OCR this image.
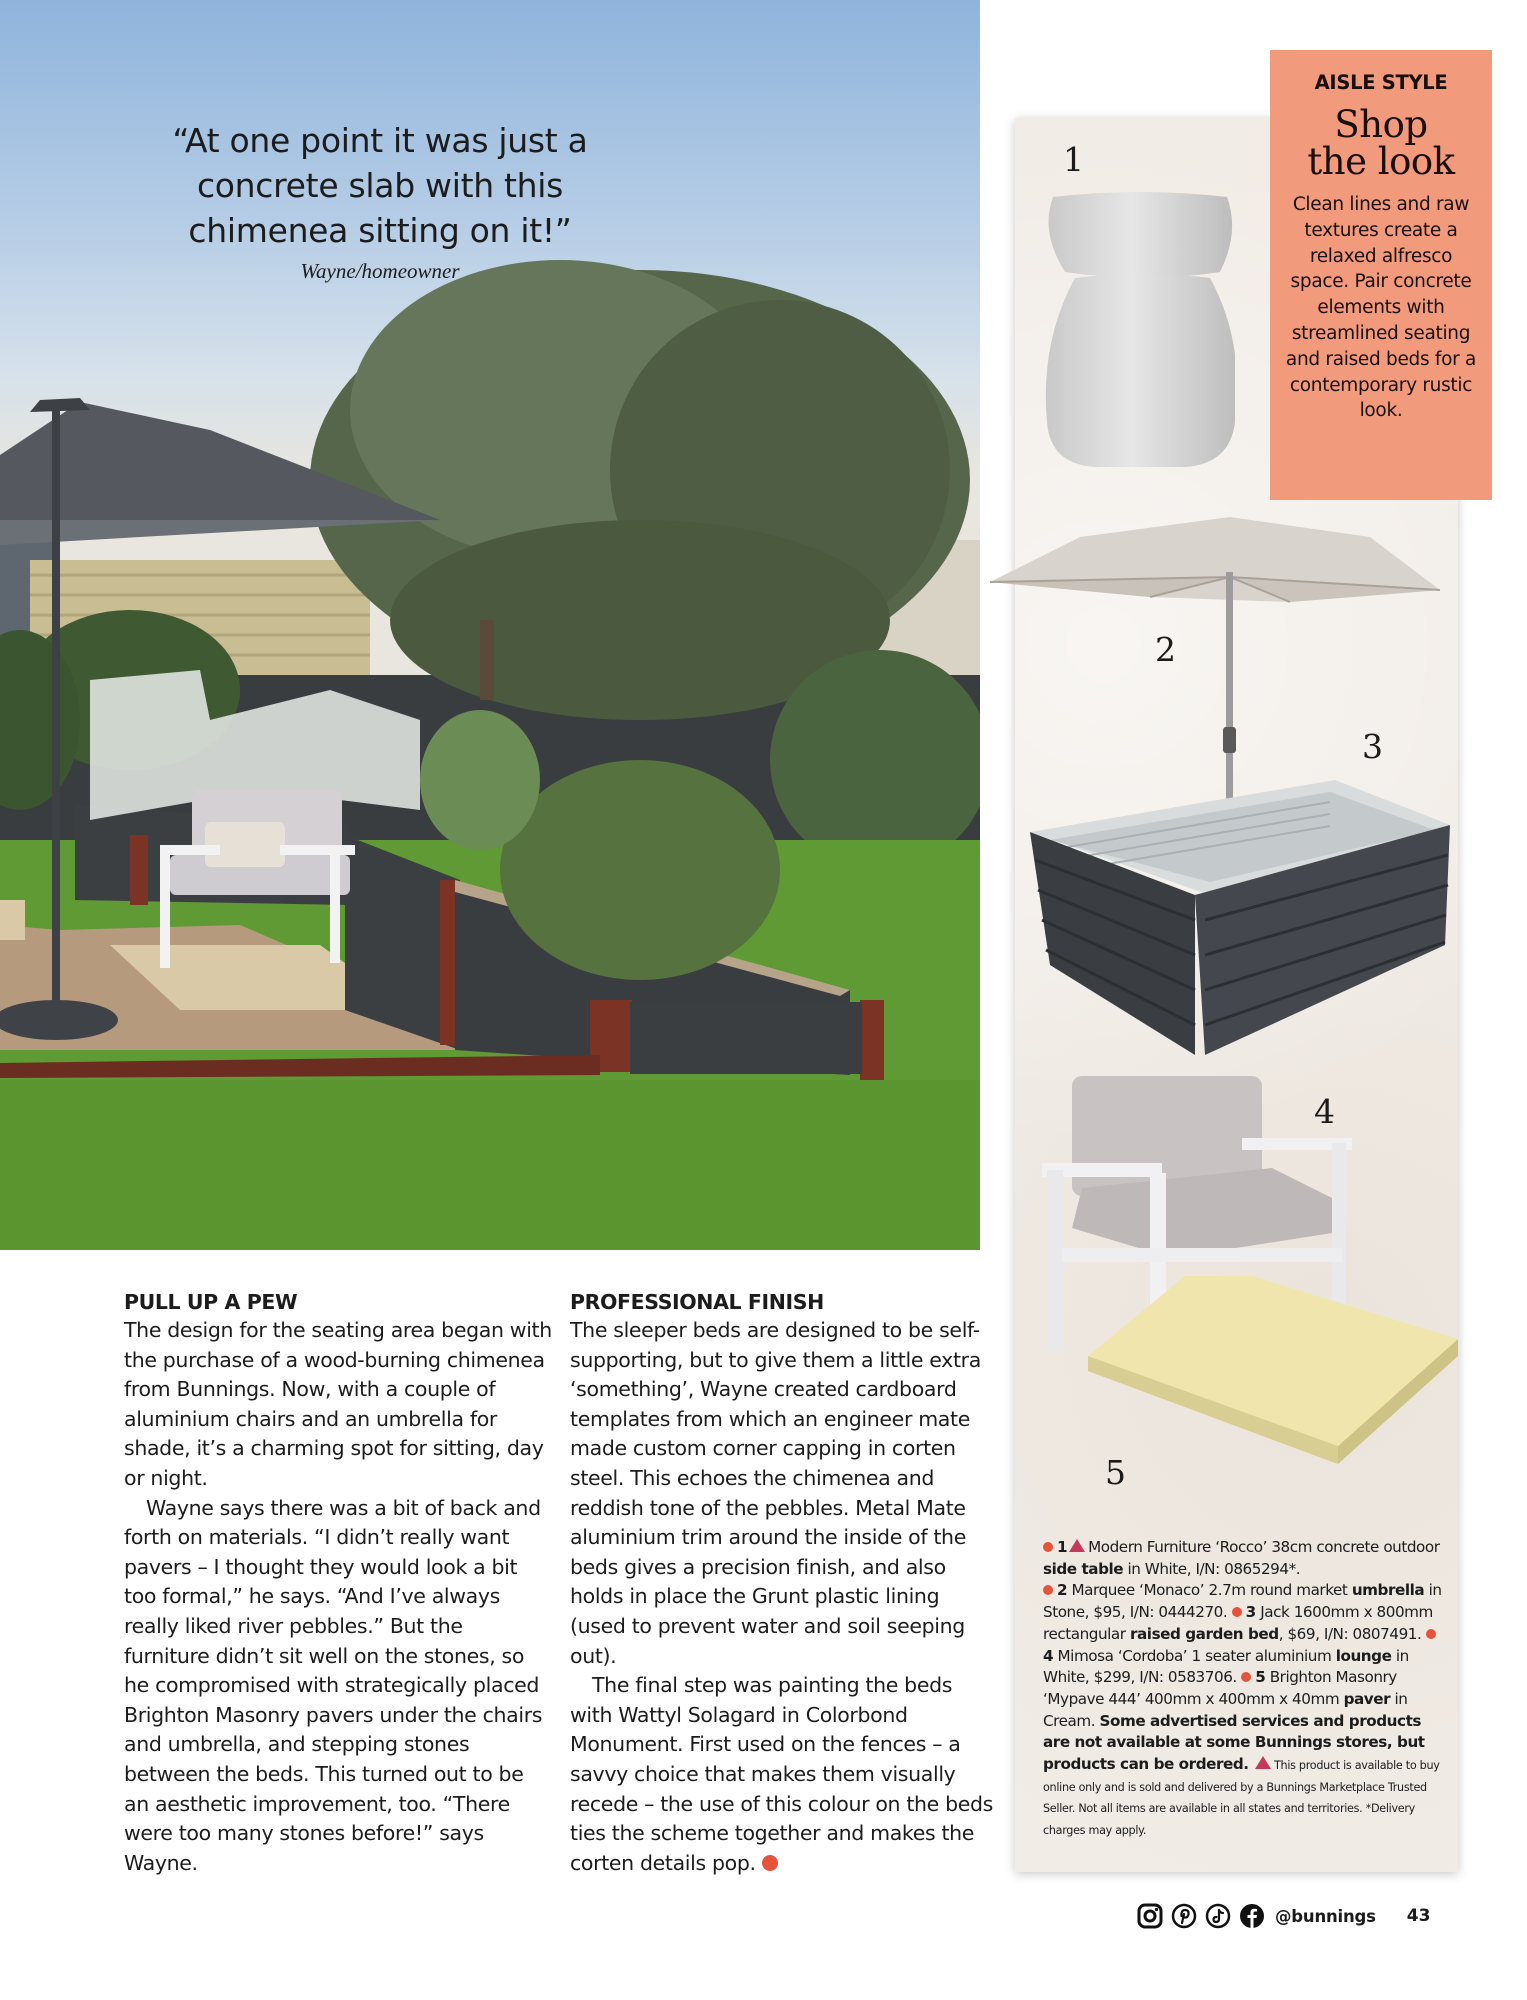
“At one point it was just a concrete slab with this chimenea sitting on it!”
Wayne/homeowner
PULL UP A PEW

The design for the seating area began with the purchase of a wood-burning chimenea from Bunnings. Now, with a couple of aluminium chairs and an umbrella for shade, it’s a charming spot for sitting, day or night.

Wayne says there was a bit of back and forth on materials. “I didn’t really want pavers – I thought they would look a bit too formal,” he says. “And I’ve always really liked river pebbles.” But the furniture didn’t sit well on the stones, so he compromised with strategically placed Brighton Masonry pavers under the chairs and umbrella, and stepping stones between the beds. This turned out to be an aesthetic improvement, too. “There were too many stones before!” says Wayne.

PROFESSIONAL FINISH

The sleeper beds are designed to be self-supporting, but to give them a little extra ‘something’, Wayne created cardboard templates from which an engineer mate made custom corner capping in corten steel. This echoes the chimenea and reddish tone of the pebbles. Metal Mate aluminium trim around the inside of the beds gives a precision finish, and also holds in place the Grunt plastic lining (used to prevent water and soil seeping out).

The final step was painting the beds with Wattyl Solagard in Colorbond Monument. First used on the fences – a savvy choice that makes them visually recede – the use of this colour on the beds ties the scheme together and makes the corten details pop.

1
2
3
4
5
AISLE STYLE
Shop
the look
Clean lines and raw textures create a relaxed alfresco space. Pair concrete elements with streamlined seating and raised beds for a contemporary rustic look.
1 Modern Furniture ‘Rocco’ 38cm concrete outdoor side table in White, I/N: 0865294*.
2 Marquee ‘Monaco’ 2.7m round market umbrella in Stone, $95, I/N: 0444270. 3 Jack 1600mm x 800mm rectangular raised garden bed, $69, I/N: 0807491.  4 Mimosa ‘Cordoba’ 1 seater aluminium lounge in White, $299, I/N: 0583706. 5 Brighton Masonry ‘Mypave 444’ 400mm x 400mm x 40mm paver in Cream. Some advertised services and products are not available at some Bunnings stores, but products can be ordered. This product is available to buy online only and is sold and delivered by a Bunnings Marketplace Trusted Seller. Not all items are available in all states and territories. *Delivery charges may apply.
@bunnings 43
